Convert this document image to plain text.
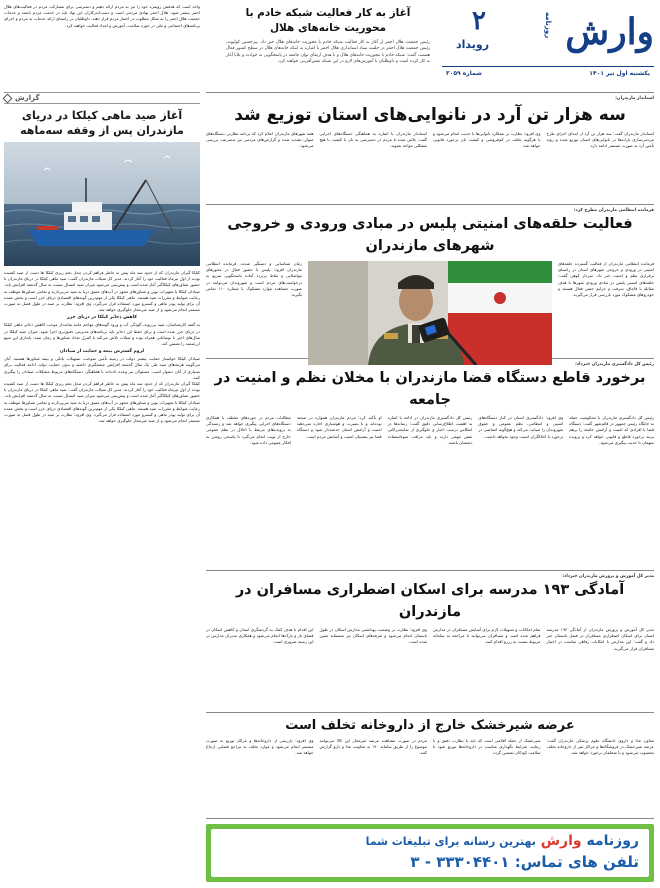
وارش
روزنامه
۲
رویداد
یکشنبه اول تیر ۱۴۰۱
شماره ۳۰۵۹
آغاز به کار فعالیت شبکه خادم با محوریت خانه‌های هلال

رئیس جمعیت هلال احمر از آغاز به کار فعالیت شبکه خادم با محوریت خانه‌های هلال خبر داد. پیرحسین کولیوند، رئیس جمعیت هلال احمر در جلسه ستاد استانداری هلال احمر با اشاره به اینکه خانه‌های هلال در سطح کشور فعال هستند، گفت: شبکه خادم با محوریت خانه‌های هلال و با هدف ارتقای توان جامعه در پاسخگویی به حوادث و بلایا آغاز به کار کرده است و داوطلبان با آموزش‌های لازم در این شبکه نقش‌آفرینی خواهند کرد.

واحد است که هدفش رویمره خود را نیز به مردم ارائه دهیم و دسترسی برای مشارکت مردم در فعالیت‌های هلال احمر بیشتر شود. هلال احمر نهادی مردمی است و دست‌اندرکاران این نهاد باید در خدمت مردم باشند و خدمات جمعیت هلال احمر را به شکل مطلوب در اختیار مردم قرار دهند. داوطلبان در راستای ارائه خدمات به مردم و اجرای برنامه‌های اجتماعی و ملی در حوزه سلامت، آموزش و امداد فعالیت خواهند کرد.
گزارش
آغاز صید ماهی کیلکا در دریای مازندران پس از وقفه سه‌ماهه

کیلکا گیران مازندران که از حدود سه ماه پیش به خاطر فراهم کردن محل تخم ریزی کیلکا ها دست از صید کشیده بودند از اول تیرماه فعالیت خود را آغاز کردند. مدیر کل شیلات مازندران گفت: صید ماهی کیلکا در دریای مازندران با حضور شناورهای کیلکاگیر آغاز شده است و پیش‌بینی می‌شود میزان صید امسال نسبت به سال گذشته افزایش یابد. صیادان کیلکا با تجهیزات نوین و شناورهای مجهز در آب‌های عمیق دریا به صید می‌پردازند و تمامی شناورها موظف به رعایت ضوابط و مقررات صید هستند. ماهی کیلکا یکی از مهم‌ترین گونه‌های اقتصادی دریای خزر است و بخش عمده آن برای تولید پودر ماهی و کنسرو مورد استفاده قرار می‌گیرد. وی افزود: نظارت بر صید در طول فصل به صورت مستمر انجام می‌شود و از صید غیرمجاز جلوگیری خواهد شد.

کاهش ذخایر کیلکا در دریای خزر

به گفته کارشناسان، صید بی‌رویه، آلودگی آب و ورود گونه‌های مهاجم مانند شانه‌دار موجب کاهش ذخایر ماهی کیلکا در دریای خزر شده است و برای حفظ این ذخایر باید برنامه‌های مدیریتی دقیق‌تری اجرا شود. میزان صید کیلکا در سال‌های اخیر با نوساناتی همراه بوده و شیلات تلاش می‌کند با کنترل تعداد شناورها و زمان صید، پایداری این منبع ارزشمند را تضمین کند.

لزوم گسترش بیمه و حمایت از صیادان

صیادان کیلکا خواستار حمایت بیشتر دولت در زمینه تأمین سوخت، تسهیلات بانکی و بیمه شناورها هستند. آنان می‌گویند هزینه‌های صید طی یک سال گذشته افزایش چشمگیری داشته و بدون حمایت دولت ادامه فعالیت برای بسیاری از آنان دشوار است. مسئولان نیز وعده داده‌اند با هماهنگی دستگاه‌های مربوط مشکلات صیادان را پیگیری کنند.

کیلکا گیران مازندران که از حدود سه ماه پیش به خاطر فراهم کردن محل تخم ریزی کیلکا ها دست از صید کشیده بودند از اول تیرماه فعالیت خود را آغاز کردند. مدیر کل شیلات مازندران گفت: صید ماهی کیلکا در دریای مازندران با حضور شناورهای کیلکاگیر آغاز شده است و پیش‌بینی می‌شود میزان صید امسال نسبت به سال گذشته افزایش یابد. صیادان کیلکا با تجهیزات نوین و شناورهای مجهز در آب‌های عمیق دریا به صید می‌پردازند و تمامی شناورها موظف به رعایت ضوابط و مقررات صید هستند. ماهی کیلکا یکی از مهم‌ترین گونه‌های اقتصادی دریای خزر است و بخش عمده آن برای تولید پودر ماهی و کنسرو مورد استفاده قرار می‌گیرد. وی افزود: نظارت بر صید در طول فصل به صورت مستمر انجام می‌شود و از صید غیرمجاز جلوگیری خواهد شد.

استاندار مازندران:
سه هزار تن آرد در نانوایی‌های استان توزیع شد
استاندار مازندران گفت: سه هزار تن آرد از ابتدای اجرای طرح مردمی‌سازی یارانه‌ها در نانوایی‌های استان توزیع شده و روند تأمین آرد به صورت مستمر ادامه دارد.
وی افزود: نظارت بر عملکرد نانوایی‌ها با جدیت انجام می‌شود و با هرگونه تخلف در کم‌فروشی و کیفیت نان برخورد قانونی خواهد شد.
استاندار مازندران با اشاره به هماهنگی دستگاه‌های اجرایی گفت: تلاش شده تا مردم در دسترسی به نان با کیفیت با هیچ مشکلی مواجه نشوند.
همه شهرهای مازندران اعلام کرد که برنامه نظارتی دستگاه‌های متولی تشدید شده و گزارش‌های مردمی نیز به‌سرعت بررسی می‌شود.
فرمانده انتظامی مازندران مطرح کرد:
فعالیت حلقه‌های امنیتی پلیس در مبادی ورودی و خروجی شهرهای مازندران
فرمانده انتظامی مازندران از فعالیت گسترده حلقه‌های امنیتی در ورودی و خروجی شهرهای استان در راستای برقراری نظم و امنیت خبر داد. سردار کوهی گفت: حلقه‌های امنیتی پلیس در مبادی ورودی شهرها با هدف مقابله با قاچاق، سرقت و جرایم خشن فعال هستند و خودروهای مشکوک مورد بازرسی قرار می‌گیرند.
زمان شناسایی و دستگیر شدند. فرمانده انتظامی مازندران افزود: پلیس با حضور فعال در محورهای مواصلاتی و نقاط پرتردد آماده پاسخگویی سریع به درخواست‌های مردم است و شهروندان می‌توانند در صورت مشاهده موارد مشکوک با شماره ۱۱۰ تماس بگیرند.
رئیس کل دادگستری مازندران خبرداد:
برخورد قاطع دستگاه قضا مازندران با مخلان نظم و امنیت در جامعه
رئیس کل دادگستری مازندران با محکومیت حمله به جایگاه رئیس جمهور در قائم‌شهر گفت: دستگاه قضا با افرادی که امنیت و آرامش جامعه را برهم بزنند برخورد قاطع و قانونی خواهد کرد و پرونده متهمان با جدیت پیگیری می‌شود.
وی افزود: دادگستری استان در کنار دستگاه‌های امنیتی و انتظامی، نظم عمومی و حقوق شهروندان را صیانت می‌کند و هیچ‌گونه اغماضی در برخورد با اخلالگران امنیت وجود نخواهد داشت.
رئیس کل دادگستری مازندران در ادامه با اشاره به اهمیت اطلاع‌رسانی دقیق گفت: رسانه‌ها در انعکاس درست اخبار و جلوگیری از شایعه‌پراکنی نقش مهمی دارند و باید مراقب سوءاستفاده دشمنان باشند.
او تأکید کرد: مردم مازندران همواره در صحنه بوده‌اند و با بصیرت و هوشیاری اجازه نمی‌دهند امنیت و آرامش استان خدشه‌دار شود و دستگاه قضا نیز پشتیبان امنیت و آسایش مردم است.
مطالبات مردم در حوزه‌های مختلف با همکاری دستگاه‌های اجرایی پیگیری خواهد شد و رسیدگی به پرونده‌های مرتبط با اخلال در نظم عمومی خارج از نوبت انجام می‌گیرد تا پاسخی روشن به افکار عمومی داده شود.
مدیر کل آموزش و پرورش مازندران خبرداد:
آمادگی ۱۹۳ مدرسه برای اسکان اضطراری مسافران در مازندران
مدیر کل آموزش و پرورش مازندران از آمادگی ۱۹۳ مدرسه استان برای اسکان اضطراری مسافران در فصل تابستان خبر داد و گفت: این مدارس با امکانات رفاهی مناسب در اختیار مسافران قرار می‌گیرند.
تمام امکانات و تسهیلات لازم برای آسایش مسافران در مدارس فراهم شده است و مسافران می‌توانند با مراجعه به سامانه مربوط نسبت به رزرو اقدام کنند.
وی افزود: نظارت بر وضعیت بهداشتی مدارس اسکان در طول تابستان انجام می‌شود و تعرفه‌های اسکان نیز منصفانه تعیین شده است.
این اقدام با هدف کمک به گردشگری استان و کاهش اسکان در فضای باز و پارک‌ها انجام می‌شود و همکاری مدیران مدارس در این زمینه ضروری است.
عرضه شیرخشک خارج از داروخانه تخلف است
معاون غذا و داروی دانشگاه علوم پزشکی مازندران گفت: عرضه شیرخشک در فروشگاه‌ها و مراکز غیر از داروخانه تخلف محسوب می‌شود و با متخلفان برخورد خواهد شد.
شیرخشک از جمله اقلامی است که باید با نظارت دقیق و با رعایت شرایط نگهداری مناسب در داروخانه‌ها توزیع شود تا سلامت کودکان تضمین گردد.
مردم در صورت مشاهده عرضه غیرمجاز این کالا می‌توانند موضوع را از طریق سامانه ۱۹۰ به معاونت غذا و دارو گزارش کنند.
وی افزود: بازرسی از داروخانه‌ها و مراکز توزیع به صورت مستمر انجام می‌شود و موارد تخلف به مراجع قضایی ارجاع خواهد شد.
روزنامه وارش بهترین رسانه برای تبلیغات شما
تلفن های تماس: ۳۳۳۰۴۴۰۱ - ۳
